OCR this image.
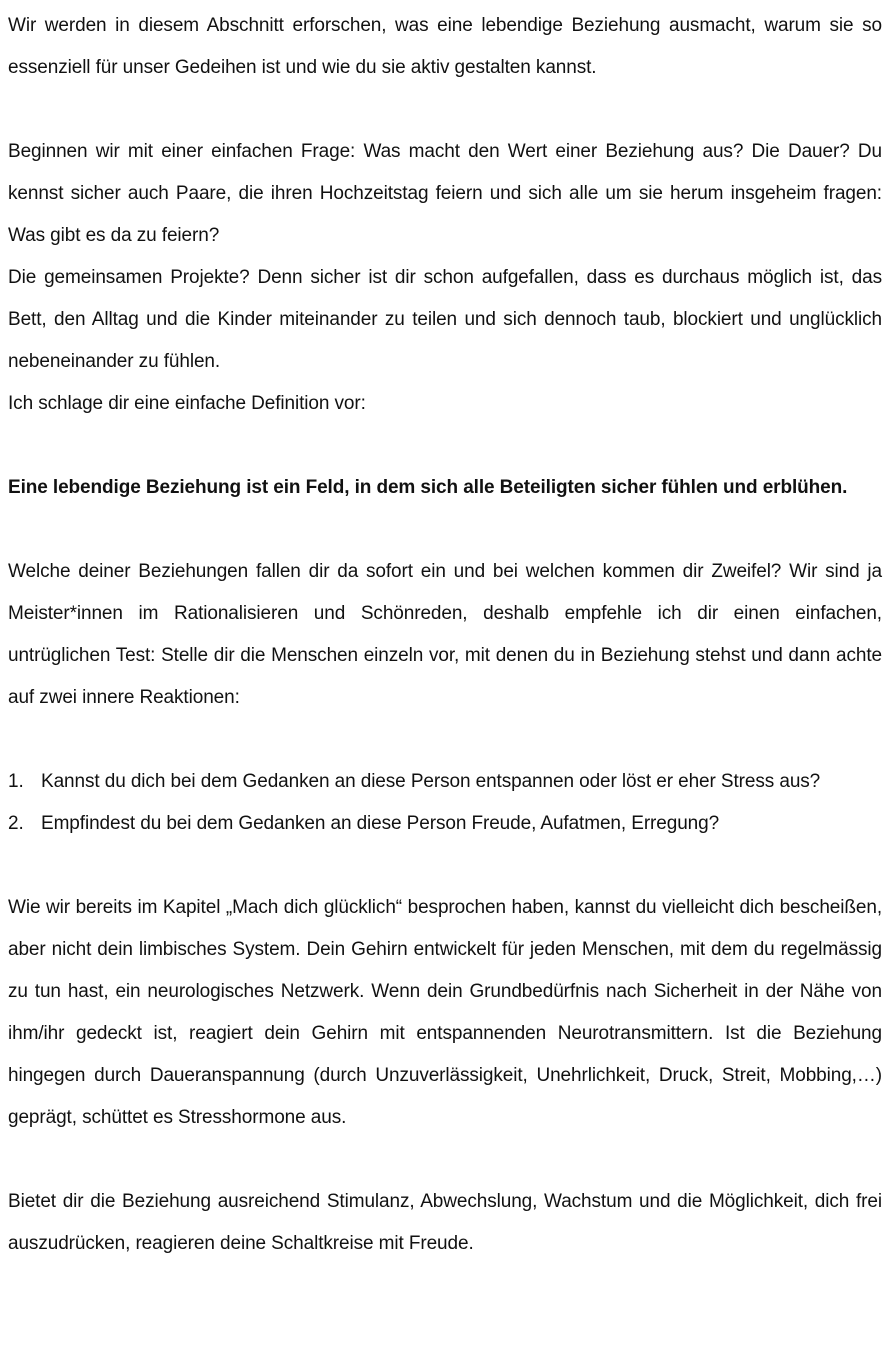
Wir werden in diesem Abschnitt erforschen, was eine lebendige Beziehung ausmacht, warum sie so essenziell für unser Gedeihen ist und wie du sie aktiv gestalten kannst.

Beginnen wir mit einer einfachen Frage: Was macht den Wert einer Beziehung aus? Die Dauer? Du kennst sicher auch Paare, die ihren Hochzeitstag feiern und sich alle um sie herum insgeheim fragen: Was gibt es da zu feiern?

Die gemeinsamen Projekte? Denn sicher ist dir schon aufgefallen, dass es durchaus möglich ist, das Bett, den Alltag und die Kinder miteinander zu teilen und sich dennoch taub, blockiert und unglücklich nebeneinander zu fühlen.

Ich schlage dir eine einfache Definition vor:

Eine lebendige Beziehung ist ein Feld, in dem sich alle Beteiligten sicher fühlen und erblühen.

Welche deiner Beziehungen fallen dir da sofort ein und bei welchen kommen dir Zweifel? Wir sind ja Meister*innen im Rationalisieren und Schönreden, deshalb empfehle ich dir einen einfachen, untrüglichen Test: Stelle dir die Menschen einzeln vor, mit denen du in Beziehung stehst und dann achte auf zwei innere Reaktionen:

1. Kannst du dich bei dem Gedanken an diese Person entspannen oder löst er eher Stress aus?

2. Empfindest du bei dem Gedanken an diese Person Freude, Aufatmen, Erregung?

Wie wir bereits im Kapitel „Mach dich glücklich“ besprochen haben, kannst du vielleicht dich bescheißen, aber nicht dein limbisches System. Dein Gehirn entwickelt für jeden Menschen, mit dem du regelmässig zu tun hast, ein neurologisches Netzwerk. Wenn dein Grundbedürfnis nach Sicherheit in der Nähe von ihm/ihr gedeckt ist, reagiert dein Gehirn mit entspannenden Neurotransmittern. Ist die Beziehung hingegen durch Daueranspannung (durch Unzuverlässigkeit, Unehrlichkeit, Druck, Streit, Mobbing,…) geprägt, schüttet es Stresshormone aus.

Bietet dir die Beziehung ausreichend Stimulanz, Abwechslung, Wachstum und die Möglichkeit, dich frei auszudrücken, reagieren deine Schaltkreise mit Freude.
